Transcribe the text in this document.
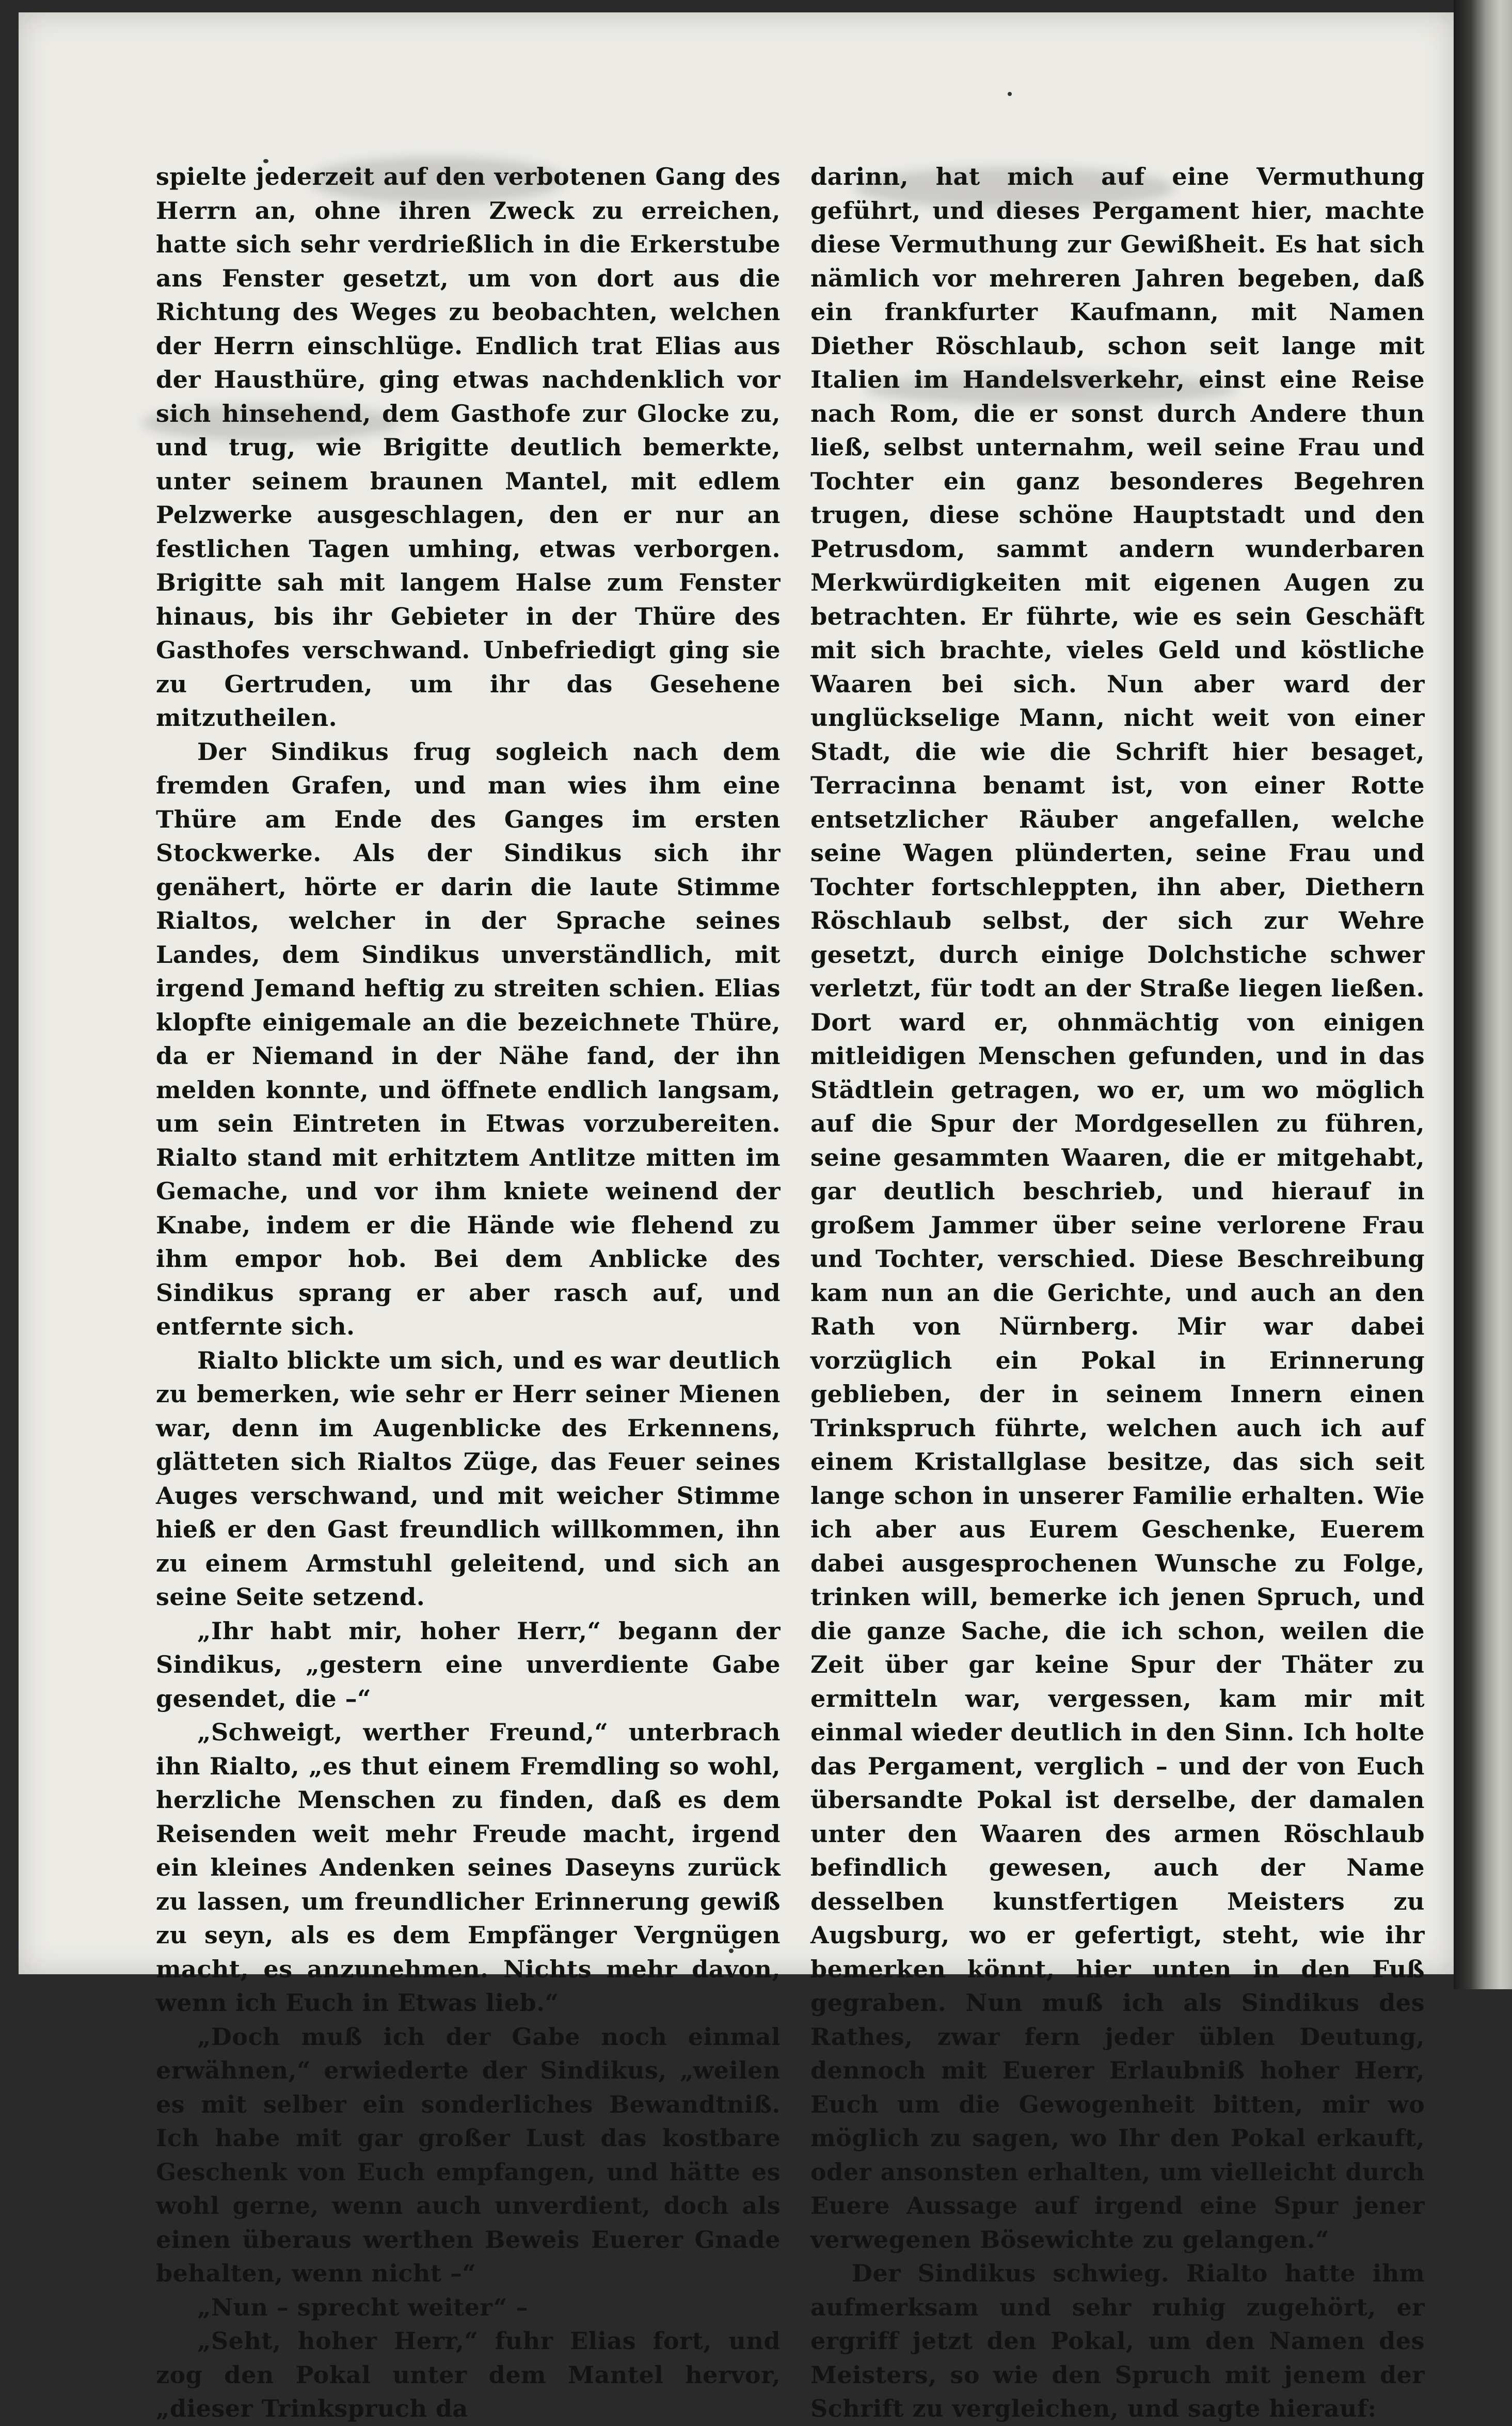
spielte jederzeit auf den verbotenen Gang des Herrn an, ohne ihren Zweck zu erreichen, hatte sich sehr verdrießlich in die Erkerstube ans Fenster gesetzt, um von dort aus die Richtung des Weges zu beobachten, welchen der Herrn einschlüge. Endlich trat Elias aus der Hausthüre, ging etwas nachdenklich vor sich hinsehend, dem Gasthofe zur Glocke zu, und trug, wie Brigitte deutlich bemerkte, unter seinem braunen Mantel, mit edlem Pelzwerke ausgeschlagen, den er nur an festlichen Tagen umhing, etwas verborgen. Brigitte sah mit langem Halse zum Fenster hinaus, bis ihr Gebieter in der Thüre des Gasthofes verschwand. Unbefriedigt ging sie zu Gertruden, um ihr das Gesehene mitzutheilen.

Der Sindikus frug sogleich nach dem fremden Grafen, und man wies ihm eine Thüre am Ende des Ganges im ersten Stockwerke. Als der Sindikus sich ihr genähert, hörte er darin die laute Stimme Rialtos, welcher in der Sprache seines Landes, dem Sindikus unverständlich, mit irgend Jemand heftig zu streiten schien. Elias klopfte einigemale an die bezeichnete Thüre, da er Niemand in der Nähe fand, der ihn melden konnte, und öffnete endlich langsam, um sein Eintreten in Etwas vorzubereiten. Rialto stand mit erhitztem Antlitze mitten im Gemache, und vor ihm kniete weinend der Knabe, indem er die Hände wie flehend zu ihm empor hob. Bei dem Anblicke des Sindikus sprang er aber rasch auf, und entfernte sich.

Rialto blickte um sich, und es war deutlich zu bemerken, wie sehr er Herr seiner Mienen war, denn im Augenblicke des Erkennens, glätteten sich Rialtos Züge, das Feuer seines Auges verschwand, und mit weicher Stimme hieß er den Gast freundlich willkommen, ihn zu einem Armstuhl geleitend, und sich an seine Seite setzend.

„Ihr habt mir, hoher Herr,“ begann der Sindikus, „gestern eine unverdiente Gabe gesendet, die –“

„Schweigt, werther Freund,“ unterbrach ihn Rialto, „es thut einem Fremdling so wohl, herzliche Menschen zu finden, daß es dem Reisenden weit mehr Freude macht, irgend ein kleines Andenken seines Daseyns zurück zu lassen, um freundlicher Erinnerung gewiß zu seyn, als es dem Empfänger Vergnügen macht, es anzunehmen. Nichts mehr davon, wenn ich Euch in Etwas lieb.“

„Doch muß ich der Gabe noch einmal erwähnen,“ erwiederte der Sindikus, „weilen es mit selber ein sonderliches Bewandtniß. Ich habe mit gar großer Lust das kostbare Geschenk von Euch empfangen, und hätte es wohl gerne, wenn auch unverdient, doch als einen überaus werthen Beweis Euerer Gnade behalten, wenn nicht –“

„Nun – sprecht weiter“ –

„Seht, hoher Herr,“ fuhr Elias fort, und zog den Pokal unter dem Mantel hervor, „dieser Trinkspruch da

darinn, hat mich auf eine Vermuthung geführt, und dieses Pergament hier, machte diese Vermuthung zur Gewißheit. Es hat sich nämlich vor mehreren Jahren begeben, daß ein frankfurter Kaufmann, mit Namen Diether Röschlaub, schon seit lange mit Italien im Handelsverkehr, einst eine Reise nach Rom, die er sonst durch Andere thun ließ, selbst unternahm, weil seine Frau und Tochter ein ganz besonderes Begehren trugen, diese schöne Hauptstadt und den Petrusdom, sammt andern wunderbaren Merkwürdigkeiten mit eigenen Augen zu betrachten. Er führte, wie es sein Geschäft mit sich brachte, vieles Geld und köstliche Waaren bei sich. Nun aber ward der unglückselige Mann, nicht weit von einer Stadt, die wie die Schrift hier besaget, Terracinna benamt ist, von einer Rotte entsetzlicher Räuber angefallen, welche seine Wagen plünderten, seine Frau und Tochter fortschleppten, ihn aber, Diethern Röschlaub selbst, der sich zur Wehre gesetzt, durch einige Dolchstiche schwer verletzt, für todt an der Straße liegen ließen. Dort ward er, ohnmächtig von einigen mitleidigen Menschen gefunden, und in das Städtlein getragen, wo er, um wo möglich auf die Spur der Mordgesellen zu führen, seine gesammten Waaren, die er mitgehabt, gar deutlich beschrieb, und hierauf in großem Jammer über seine verlorene Frau und Tochter, verschied. Diese Beschreibung kam nun an die Gerichte, und auch an den Rath von Nürnberg. Mir war dabei vorzüglich ein Pokal in Erinnerung geblieben, der in seinem Innern einen Trinkspruch führte, welchen auch ich auf einem Kristallglase besitze, das sich seit lange schon in unserer Familie erhalten. Wie ich aber aus Eurem Geschenke, Euerem dabei ausgesprochenen Wunsche zu Folge, trinken will, bemerke ich jenen Spruch, und die ganze Sache, die ich schon, weilen die Zeit über gar keine Spur der Thäter zu ermitteln war, vergessen, kam mir mit einmal wieder deutlich in den Sinn. Ich holte das Pergament, verglich – und der von Euch übersandte Pokal ist derselbe, der damalen unter den Waaren des armen Röschlaub befindlich gewesen, auch der Name desselben kunstfertigen Meisters zu Augsburg, wo er gefertigt, steht, wie ihr bemerken könnt, hier unten in den Fuß gegraben. Nun muß ich als Sindikus des Rathes, zwar fern jeder üblen Deutung, dennoch mit Euerer Erlaubniß hoher Herr, Euch um die Gewogenheit bitten, mir wo möglich zu sagen, wo Ihr den Pokal erkauft, oder ansonsten erhalten, um vielleicht durch Euere Aussage auf irgend eine Spur jener verwegenen Bösewichte zu gelangen.“

Der Sindikus schwieg. Rialto hatte ihm aufmerksam und sehr ruhig zugehört, er ergriff jetzt den Pokal, um den Namen des Meisters, so wie den Spruch mit jenem der Schrift zu vergleichen, und sagte hierauf:
